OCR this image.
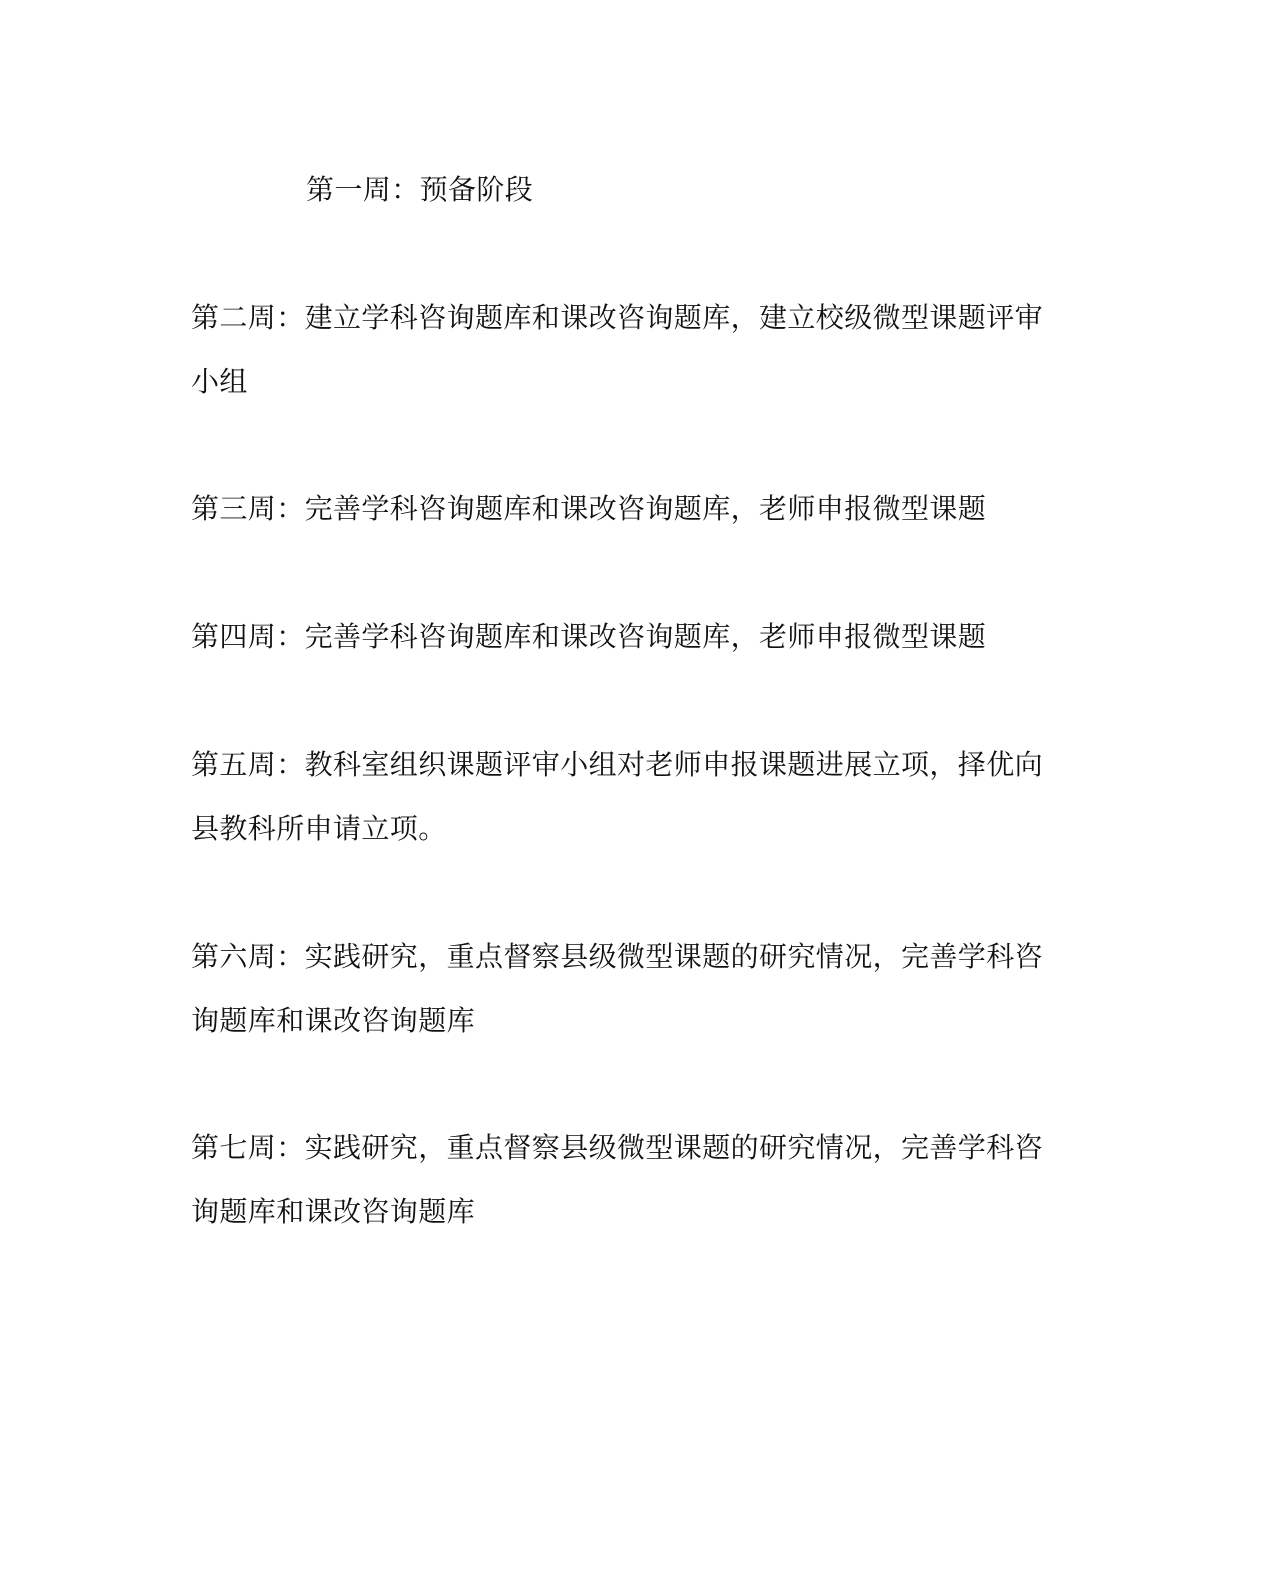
第一周：预备阶段

第二周：建立学科咨询题库和课改咨询题库，建立校级微型课题评审
小组

第三周：完善学科咨询题库和课改咨询题库，老师申报微型课题

第四周：完善学科咨询题库和课改咨询题库，老师申报微型课题

第五周：教科室组织课题评审小组对老师申报课题进展立项，择优向
县教科所申请立项。

第六周：实践研究，重点督察县级微型课题的研究情况，完善学科咨
询题库和课改咨询题库

第七周：实践研究，重点督察县级微型课题的研究情况，完善学科咨
询题库和课改咨询题库
